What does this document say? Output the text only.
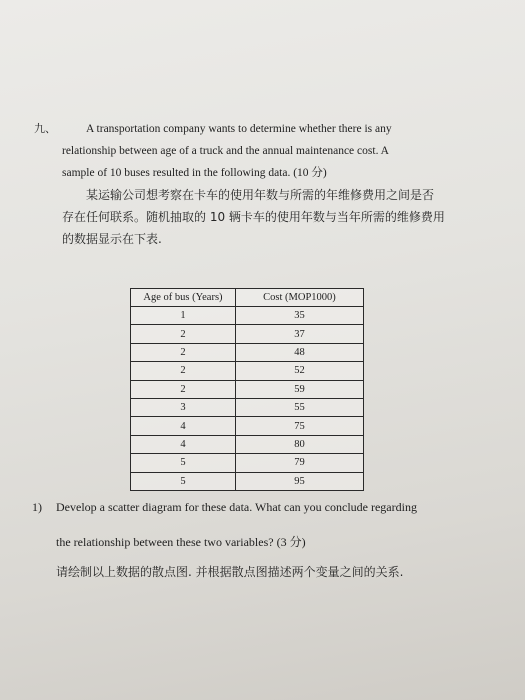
九、	A transportation company wants to determine whether there is any
relationship between age of a truck and the annual maintenance cost. A
sample of 10 buses resulted in the following data. (10 分)
某运输公司想考察在卡车的使用年数与所需的年维修费用之间是否
存在任何联系。随机抽取的 10 辆卡车的使用年数与当年所需的维修费用
的数据显示在下表.
Age of bus (Years)	Cost (MOP1000)
1	35
2	37
2	48
2	52
2	59
3	55
4	75
4	80
5	79
5	95
1)	Develop a scatter diagram for these data. What can you conclude regarding
the relationship between these two variables? (3 分)
请绘制以上数据的散点图. 并根据散点图描述两个变量之间的关系.
